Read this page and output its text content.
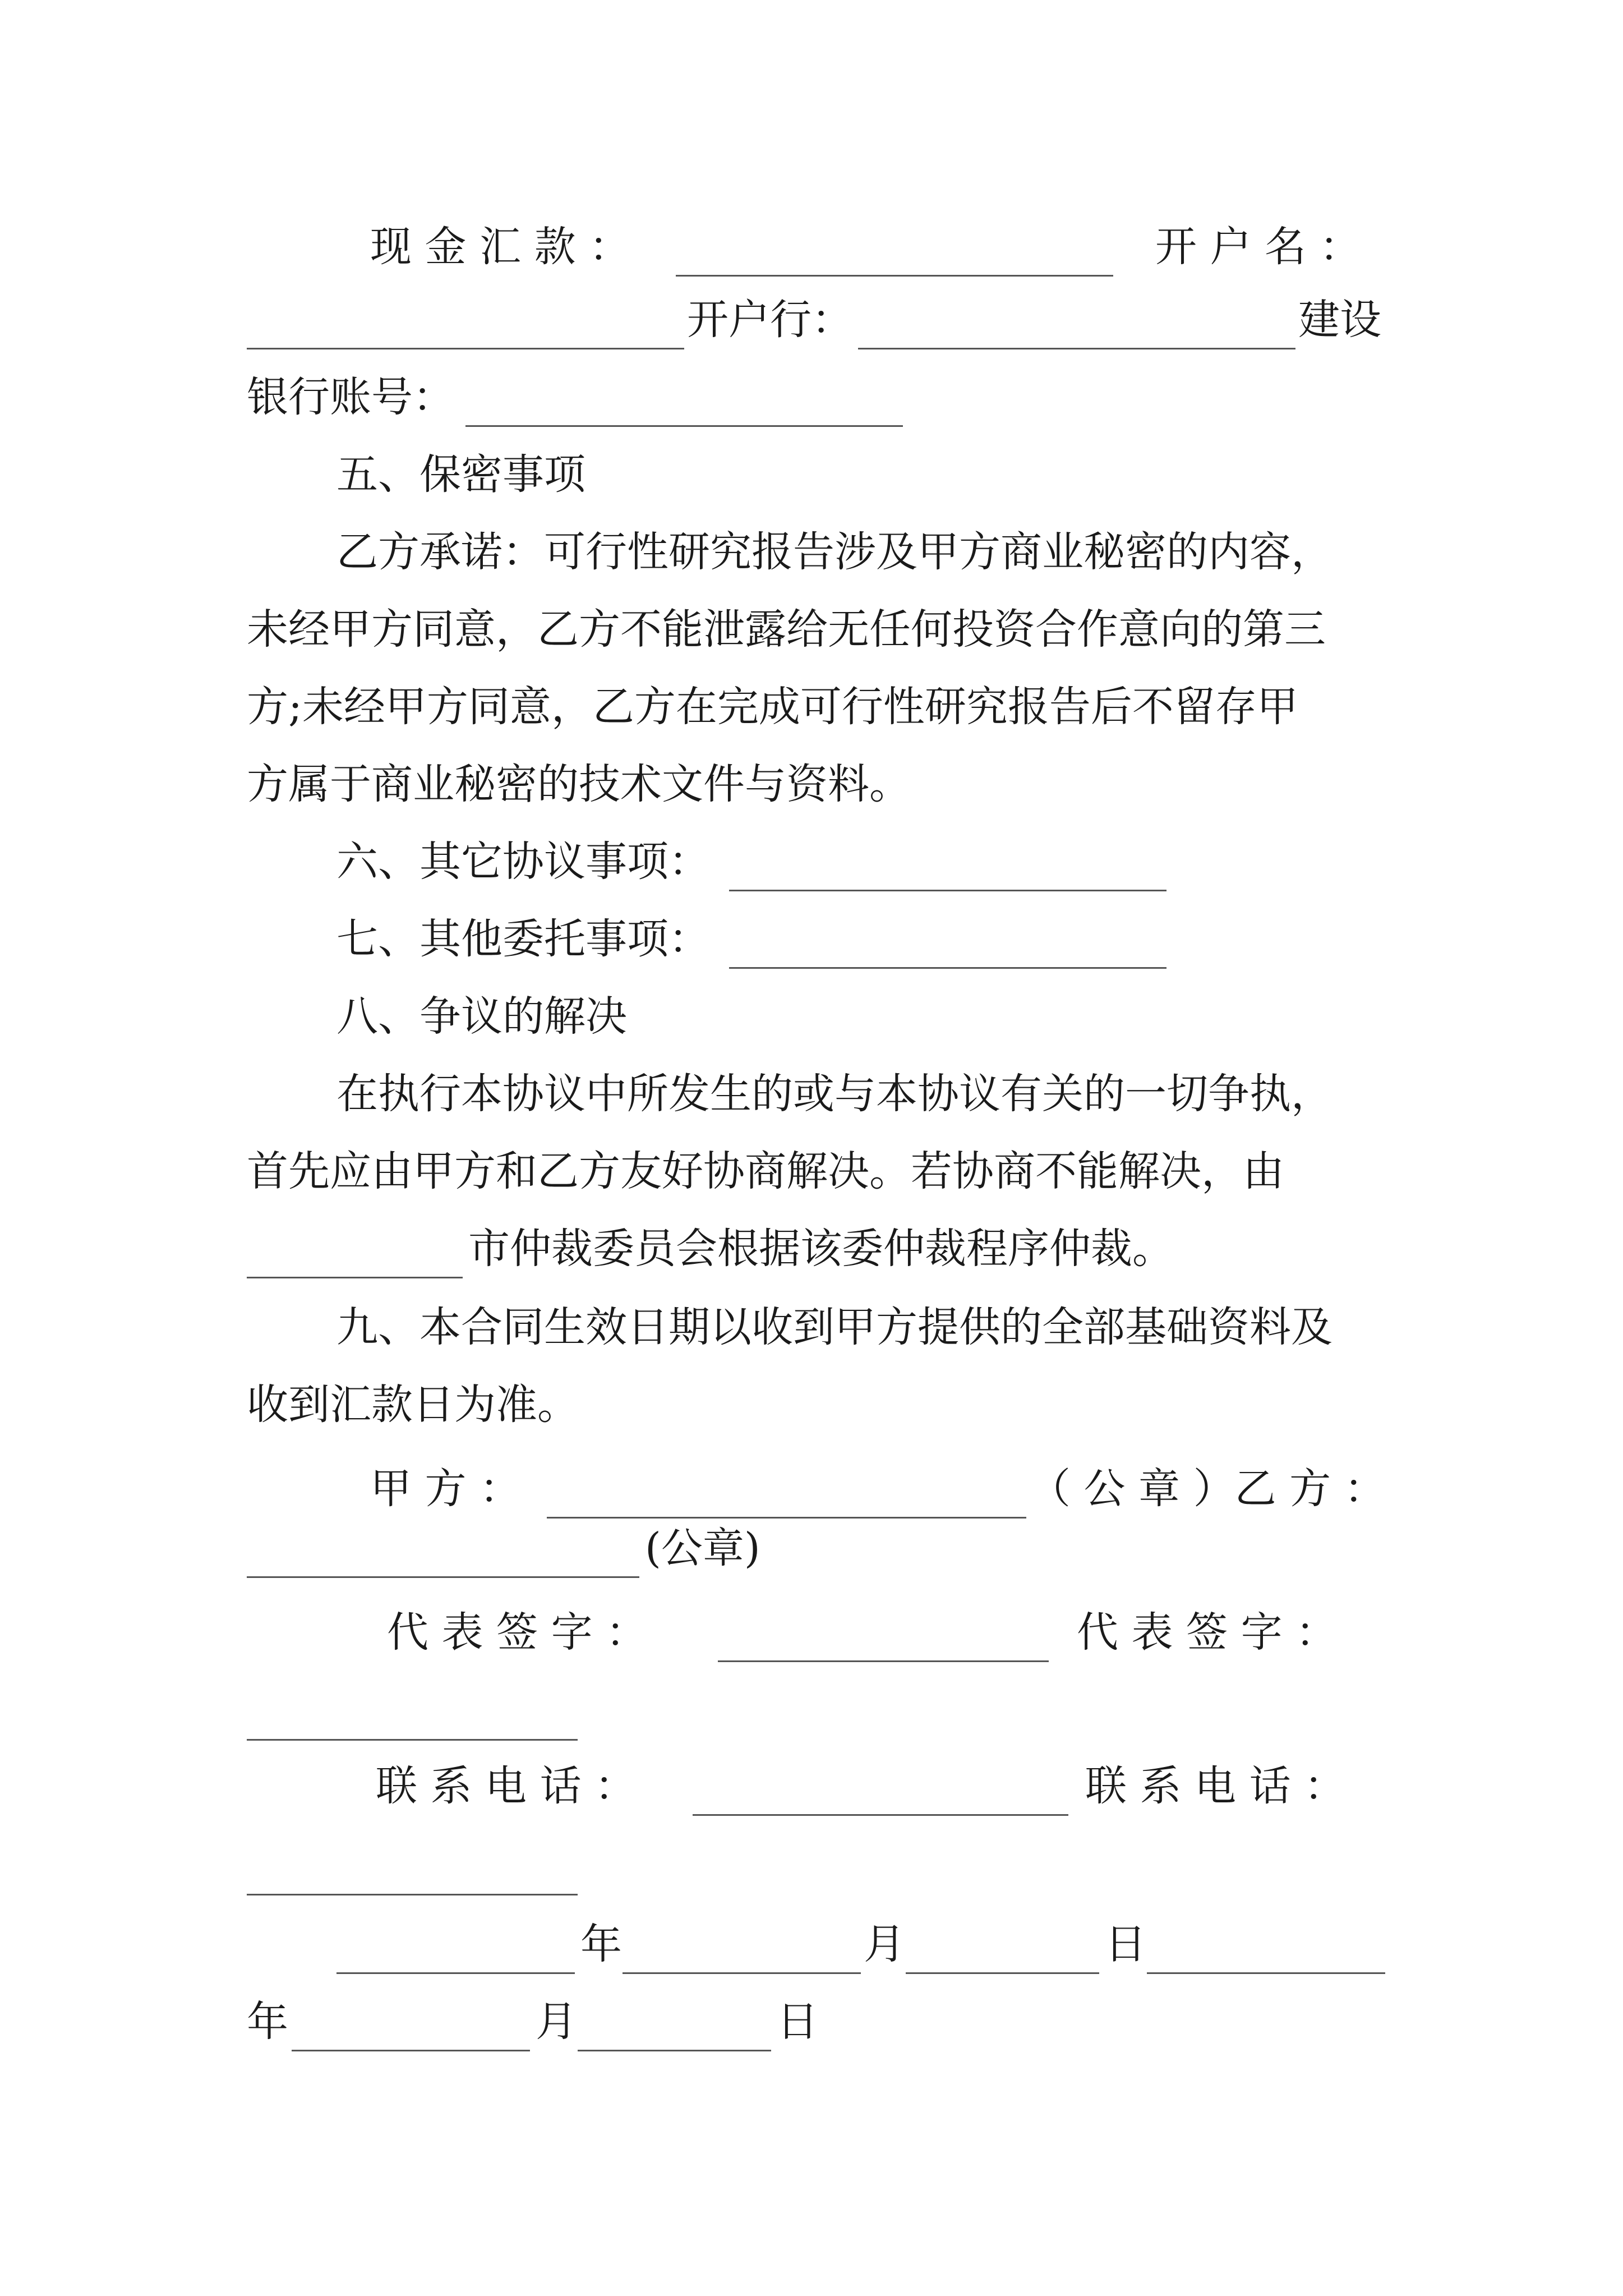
现 金 汇 款 ：	开 户 名 ：
开户行：	建设
银行账号：
五、保密事项
乙方承诺：可行性研究报告涉及甲方商业秘密的内容，
未经甲方同意，乙方不能泄露给无任何投资合作意向的第三
方;未经甲方同意，乙方在完成可行性研究报告后不留存甲
方属于商业秘密的技术文件与资料。
六、其它协议事项：
七、其他委托事项：
八、争议的解决
在执行本协议中所发生的或与本协议有关的一切争执，
首先应由甲方和乙方友好协商解决。若协商不能解决，由
市仲裁委员会根据该委仲裁程序仲裁。
九、本合同生效日期以收到甲方提供的全部基础资料及
收到汇款日为准。
甲 方 ：	（ 公 章 ）乙 方 ：
(公章)
代 表 签 字 ：	代 表 签 字 ：
联 系 电 话 ：	联 系 电 话 ：
年	月	日
年	月	日
